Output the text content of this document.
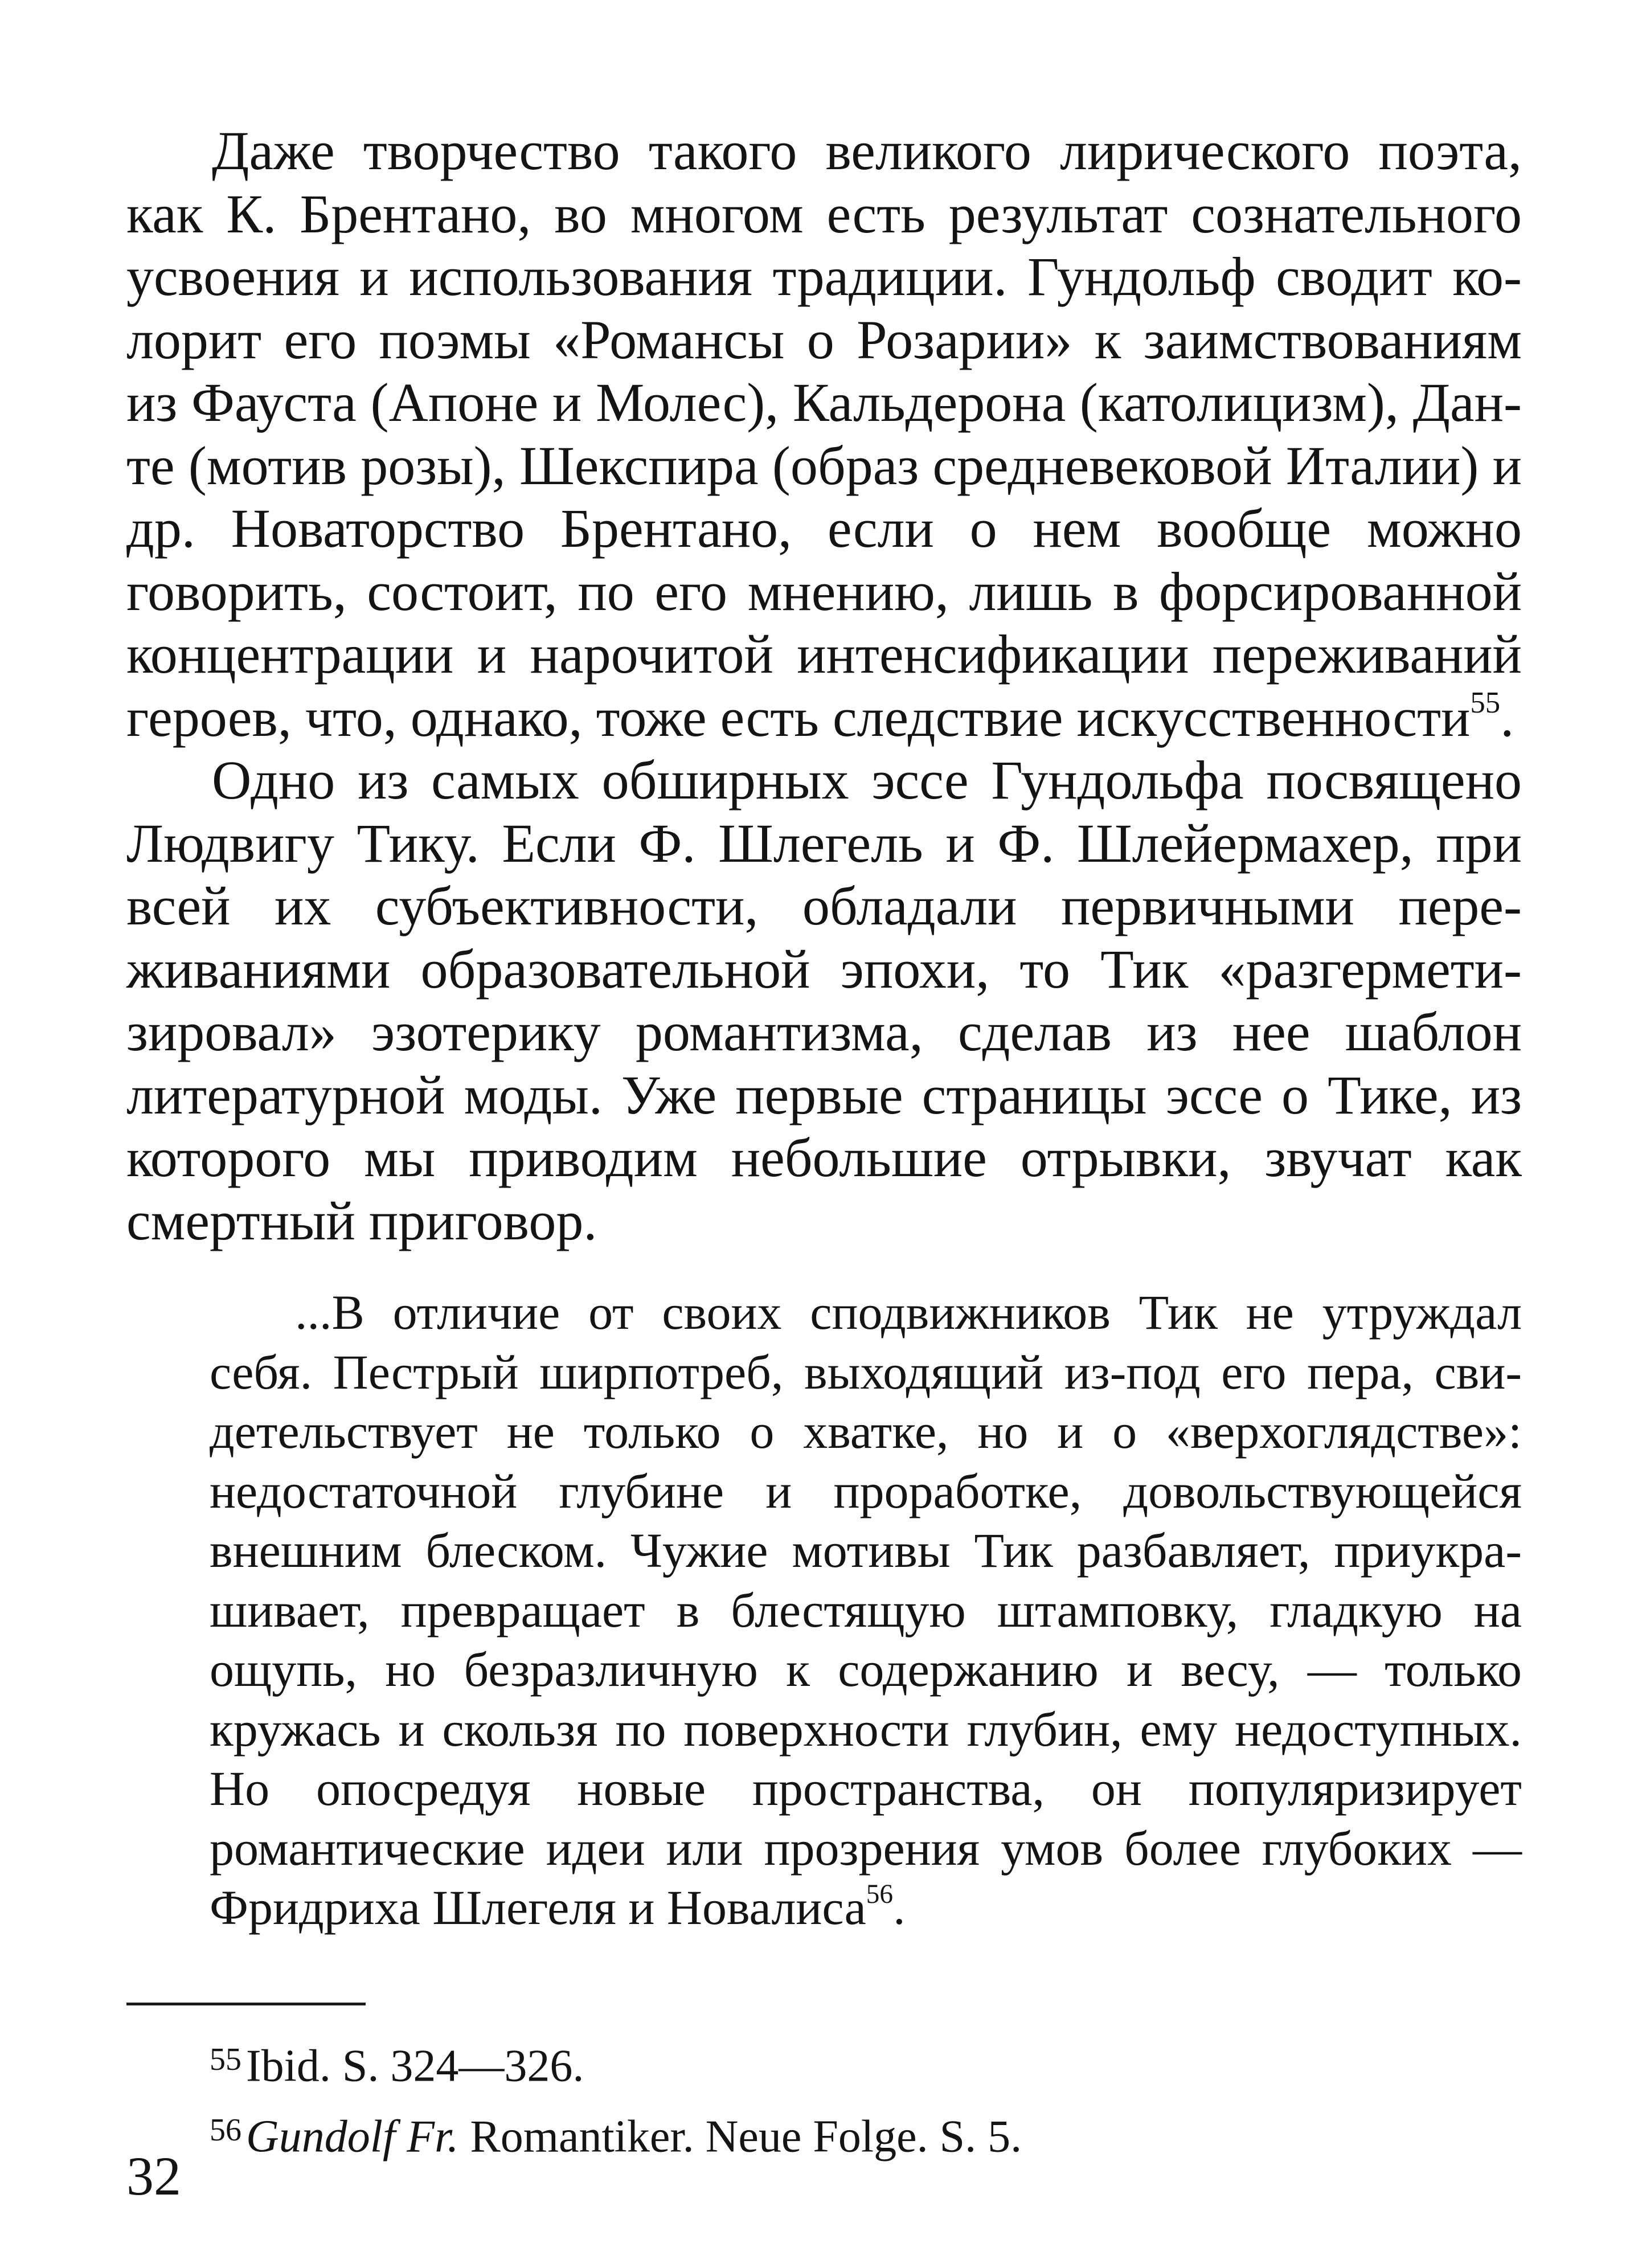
Даже творчество такого великого лирического поэта, как К. Брентано, во многом есть результат сознательного усвоения и использования традиции. Гундольф сводит колорит его поэмы «Романсы о Розарии» к заимствованиям из Фауста (Апоне и Молес), Кальдерона (католицизм), Данте (мотив розы), Шекспира (образ средневековой Италии) и др. Новаторство Брентано, если о нем вообще можно говорить, состоит, по его мнению, лишь в форсированной концентрации и нарочитой интенсификации переживаний героев, что, однако, тоже есть следствие искусственности$^{55}$.

Одно из самых обширных эссе Гундольфа посвящено Людвигу Тику. Если Ф. Шлегель и Ф. Шлейермахер, при всей их субъективности, обладали первичными переживаниями образовательной эпохи, то Тик «разгерметизировал» эзотерику романтизма, сделав из нее шаблон литературной моды. Уже первые страницы эссе о Тике, из которого мы приводим небольшие отрывки, звучат как смертный приговор.

...В отличие от своих сподвижников Тик не утруждал себя. Пестрый ширпотреб, выходящий из-под его пера, свидетельствует не только о хватке, но и о «верхоглядстве»: недостаточной глубине и проработке, довольствующейся внешним блеском. Чужие мотивы Тик разбавляет, приукрашивает, превращает в блестящую штамповку, гладкую на ощупь, но безразличную к содержанию и весу, — только кружась и скользя по поверхности глубин, ему недоступных. Но опосредуя новые пространства, он популяризирует романтические идеи или прозрения умов более глубоких — Фридриха Шлегеля и Новалиса$^{56}$.

$^{55}$ Ibid. S. 324—326.

$^{56}$ Gundolf Fr. Romantiker. Neue Folge. S. 5.

32
